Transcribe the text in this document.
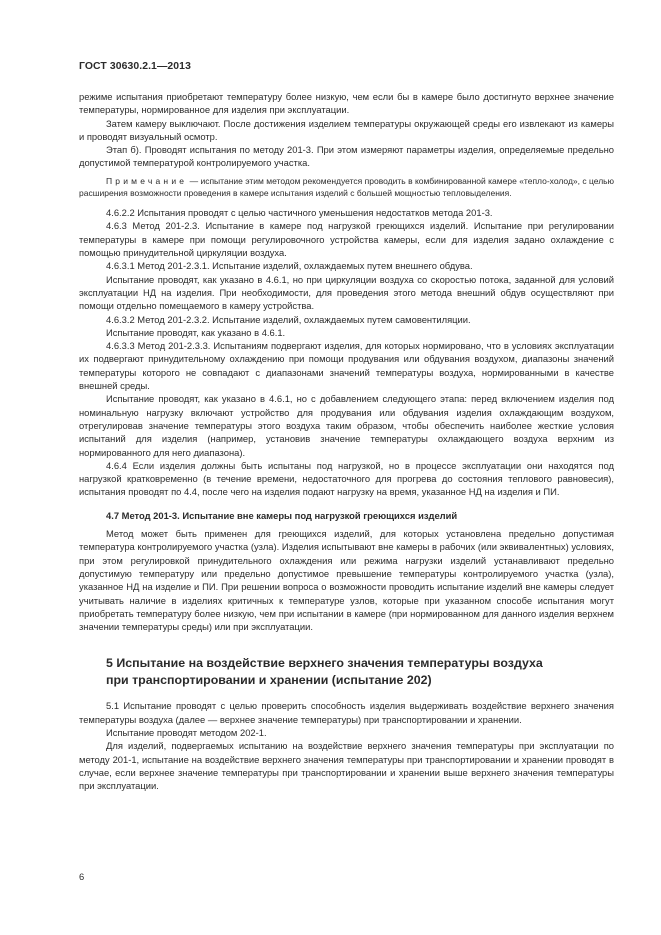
ГОСТ 30630.2.1—2013

режиме испытания приобретают температуру более низкую, чем если бы в камере было достигнуто верхнее значение температуры, нормированное для изделия при эксплуатации.

Затем камеру выключают. После достижения изделием температуры окружающей среды его извлекают из камеры и проводят визуальный осмотр.

Этап б). Проводят испытания по методу 201-3. При этом измеряют параметры изделия, определяемые предельно допустимой температурой контролируемого участка.

Примечание — испытание этим методом рекомендуется проводить в комбинированной камере «тепло-холод», с целью расширения возможности проведения в камере испытания изделий с большей мощностью тепловыделения.

4.6.2.2 Испытания проводят с целью частичного уменьшения недостатков метода 201-3.

4.6.3 Метод 201-2.3. Испытание в камере под нагрузкой греющихся изделий. Испытание при регулировании температуры в камере при помощи регулировочного устройства камеры, если для изделия задано охлаждение с помощью принудительной циркуляции воздуха.

4.6.3.1 Метод 201-2.3.1. Испытание изделий, охлаждаемых путем внешнего обдува.

Испытание проводят, как указано в 4.6.1, но при циркуляции воздуха со скоростью потока, заданной для условий эксплуатации НД на изделия. При необходимости, для проведения этого метода внешний обдув осуществляют при помощи отдельно помещаемого в камеру устройства.

4.6.3.2 Метод 201-2.3.2. Испытание изделий, охлаждаемых путем самовентиляции.

Испытание проводят, как указано в 4.6.1.

4.6.3.3 Метод 201-2.3.3. Испытаниям подвергают изделия, для которых нормировано, что в условиях эксплуатации их подвергают принудительному охлаждению при помощи продувания или обдувания воздухом, диапазоны значений температуры которого не совпадают с диапазонами значений температуры воздуха, нормированными в качестве внешней среды.

Испытание проводят, как указано в 4.6.1, но с добавлением следующего этапа: перед включением изделия под номинальную нагрузку включают устройство для продувания или обдувания изделия охлаждающим воздухом, отрегулировав значение температуры этого воздуха таким образом, чтобы обеспечить наиболее жесткие условия испытаний для изделия (например, установив значение температуры охлаждающего воздуха верхним из нормированного для него диапазона).

4.6.4 Если изделия должны быть испытаны под нагрузкой, но в процессе эксплуатации они находятся под нагрузкой кратковременно (в течение времени, недостаточного для прогрева до состояния теплового равновесия), испытания проводят по 4.4, после чего на изделия подают нагрузку на время, указанное НД на изделия и ПИ.

4.7 Метод 201-3. Испытание вне камеры под нагрузкой греющихся изделий

Метод может быть применен для греющихся изделий, для которых установлена предельно допустимая температура контролируемого участка (узла). Изделия испытывают вне камеры в рабочих (или эквивалентных) условиях, при этом регулировкой принудительного охлаждения или режима нагрузки изделий устанавливают предельно допустимую температуру или предельно допустимое превышение температуры контролируемого участка (узла), указанное НД на изделие и ПИ. При решении вопроса о возможности проводить испытание изделий вне камеры следует учитывать наличие в изделиях критичных к температуре узлов, которые при указанном способе испытания могут приобретать температуру более низкую, чем при испытании в камере (при нормированном для данного изделия верхнем значении температуры среды) или при эксплуатации.

5 Испытание на воздействие верхнего значения температуры воздуха
при транспортировании и хранении (испытание 202)

5.1 Испытание проводят с целью проверить способность изделия выдерживать воздействие верхнего значения температуры воздуха (далее — верхнее значение температуры) при транспортировании и хранении.

Испытание проводят методом 202-1.

Для изделий, подвергаемых испытанию на воздействие верхнего значения температуры при эксплуатации по методу 201-1, испытание на воздействие верхнего значения температуры при транспортировании и хранении проводят в случае, если верхнее значение температуры при транспортировании и хранении выше верхнего значения температуры при эксплуатации.

6
